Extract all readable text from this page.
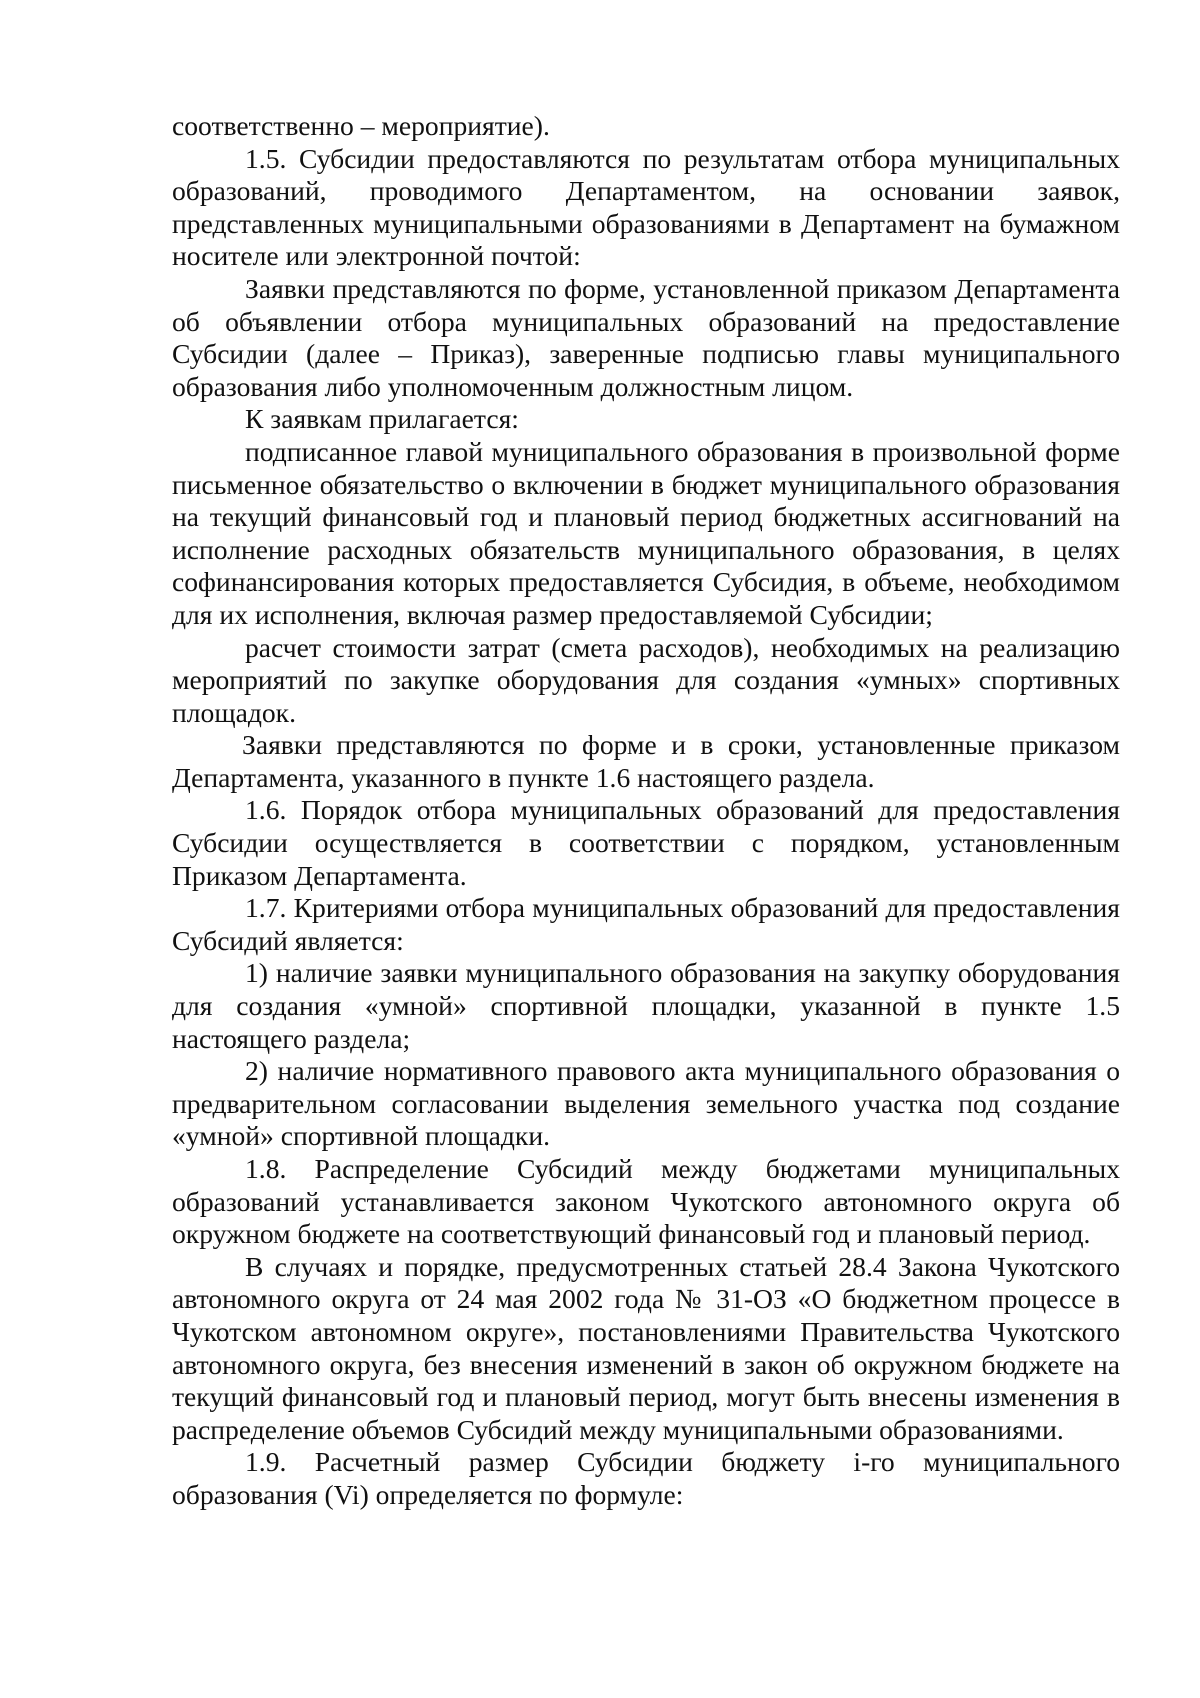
соответственно – мероприятие).

1.5. Субсидии предоставляются по результатам отбора муниципальных образований, проводимого Департаментом, на основании заявок, представленных муниципальными образованиями в Департамент на бумажном носителе или электронной почтой:

Заявки представляются по форме, установленной приказом Департамента об объявлении отбора муниципальных образований на предоставление Субсидии (далее – Приказ), заверенные подписью главы муниципального образования либо уполномоченным должностным лицом.

К заявкам прилагается:

подписанное главой муниципального образования в произвольной форме письменное обязательство о включении в бюджет муниципального образования на текущий финансовый год и плановый период бюджетных ассигнований на исполнение расходных обязательств муниципального образования, в целях софинансирования которых предоставляется Субсидия, в объеме, необходимом для их исполнения, включая размер предоставляемой Субсидии;

расчет стоимости затрат (смета расходов), необходимых на реализацию мероприятий по закупке оборудования для создания «умных» спортивных площадок.

Заявки представляются по форме и в сроки, установленные приказом Департамента, указанного в пункте 1.6 настоящего раздела.

1.6. Порядок отбора муниципальных образований для предоставления Субсидии осуществляется в соответствии с порядком, установленным Приказом Департамента.

1.7. Критериями отбора муниципальных образований для предоставления Субсидий является:

1) наличие заявки муниципального образования на закупку оборудования для создания «умной» спортивной площадки, указанной в пункте 1.5 настоящего раздела;

2) наличие нормативного правового акта муниципального образования о предварительном согласовании выделения земельного участка под создание «умной» спортивной площадки.

1.8. Распределение Субсидий между бюджетами муниципальных образований устанавливается законом Чукотского автономного округа об окружном бюджете на соответствующий финансовый год и плановый период.

В случаях и порядке, предусмотренных статьей 28.4 Закона Чукотского автономного округа от 24 мая 2002 года № 31-ОЗ «О бюджетном процессе в Чукотском автономном округе», постановлениями Правительства Чукотского автономного округа, без внесения изменений в закон об окружном бюджете на текущий финансовый год и плановый период, могут быть внесены изменения в распределение объемов Субсидий между муниципальными образованиями.

1.9. Расчетный размер Субсидии бюджету i-го муниципального образования (Vi) определяется по формуле:
